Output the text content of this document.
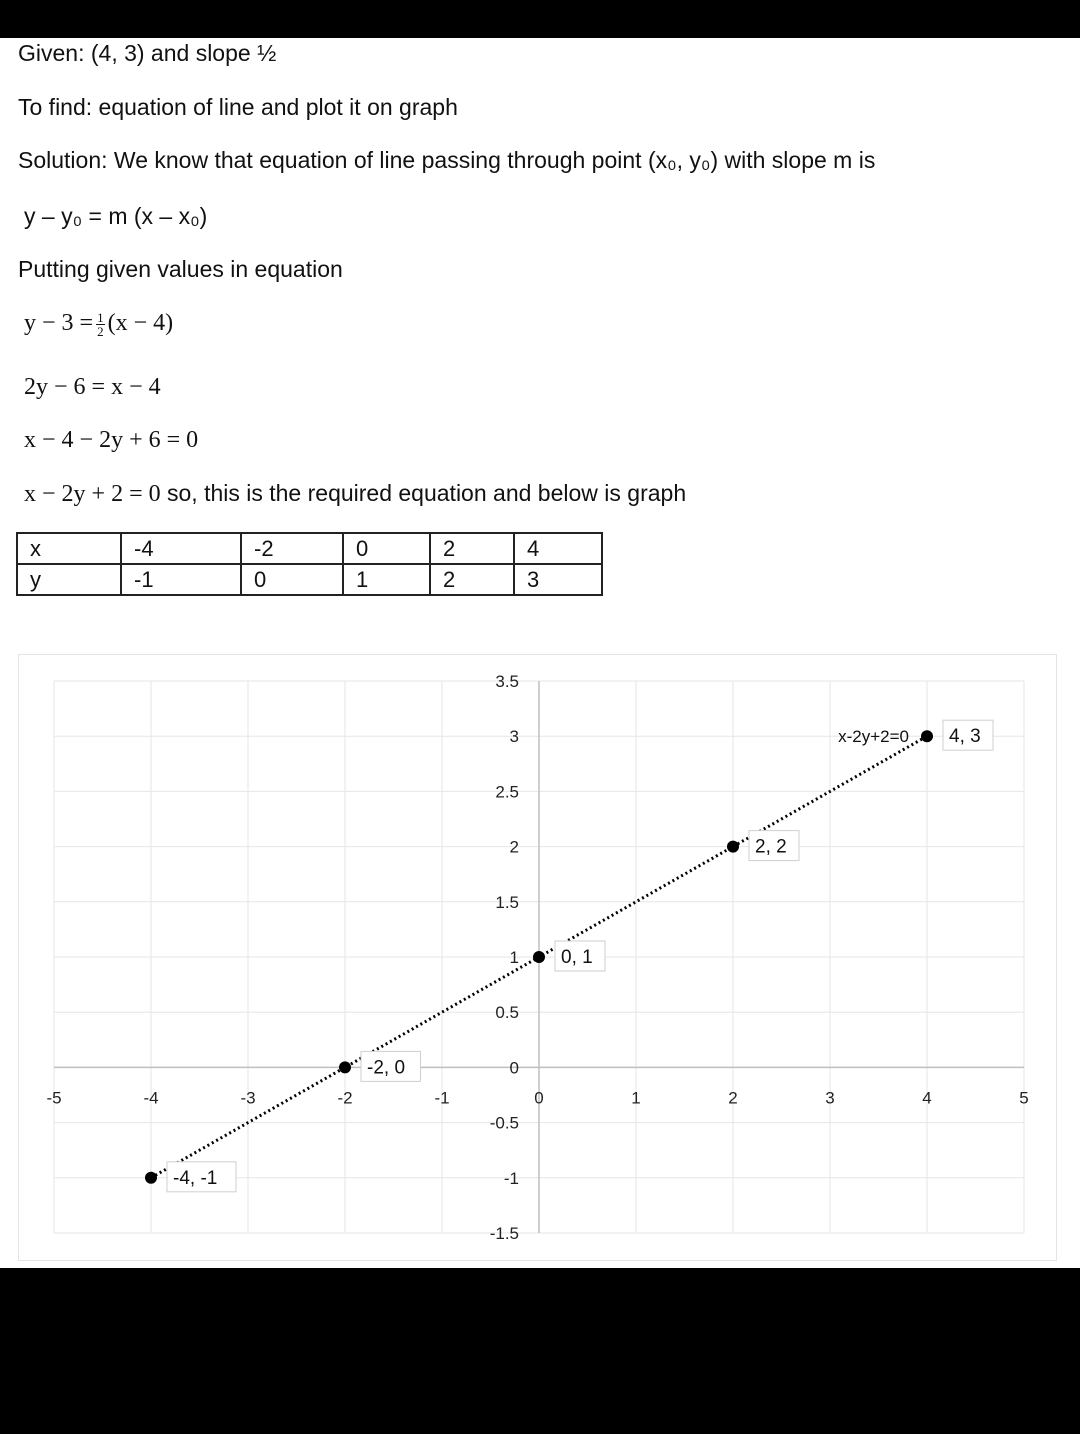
Given: (4, 3) and slope ½
To find: equation of line and plot it on graph
Solution: We know that equation of line passing through point (x₀, y₀) with slope m is
y – y₀ = m (x – x₀)
Putting given values in equation
$y - 3 = \frac{1}{2} (x - 4)$
2y − 6 = x − 4
x − 4 − 2y + 6 = 0
x − 2y + 2 = 0 so, this is the required equation and below is graph
x	-4	-2	0	2	4
y	-1	0	1	2	3
-5	-4	-3	-2	-1	0	1	2	3	4	5
3.5
3
2.5
2
1.5
1
0.5
0
-0.5
-1
-1.5
-4, -1
-2, 0
0, 1
2, 2
4, 3
x-2y+2=0
